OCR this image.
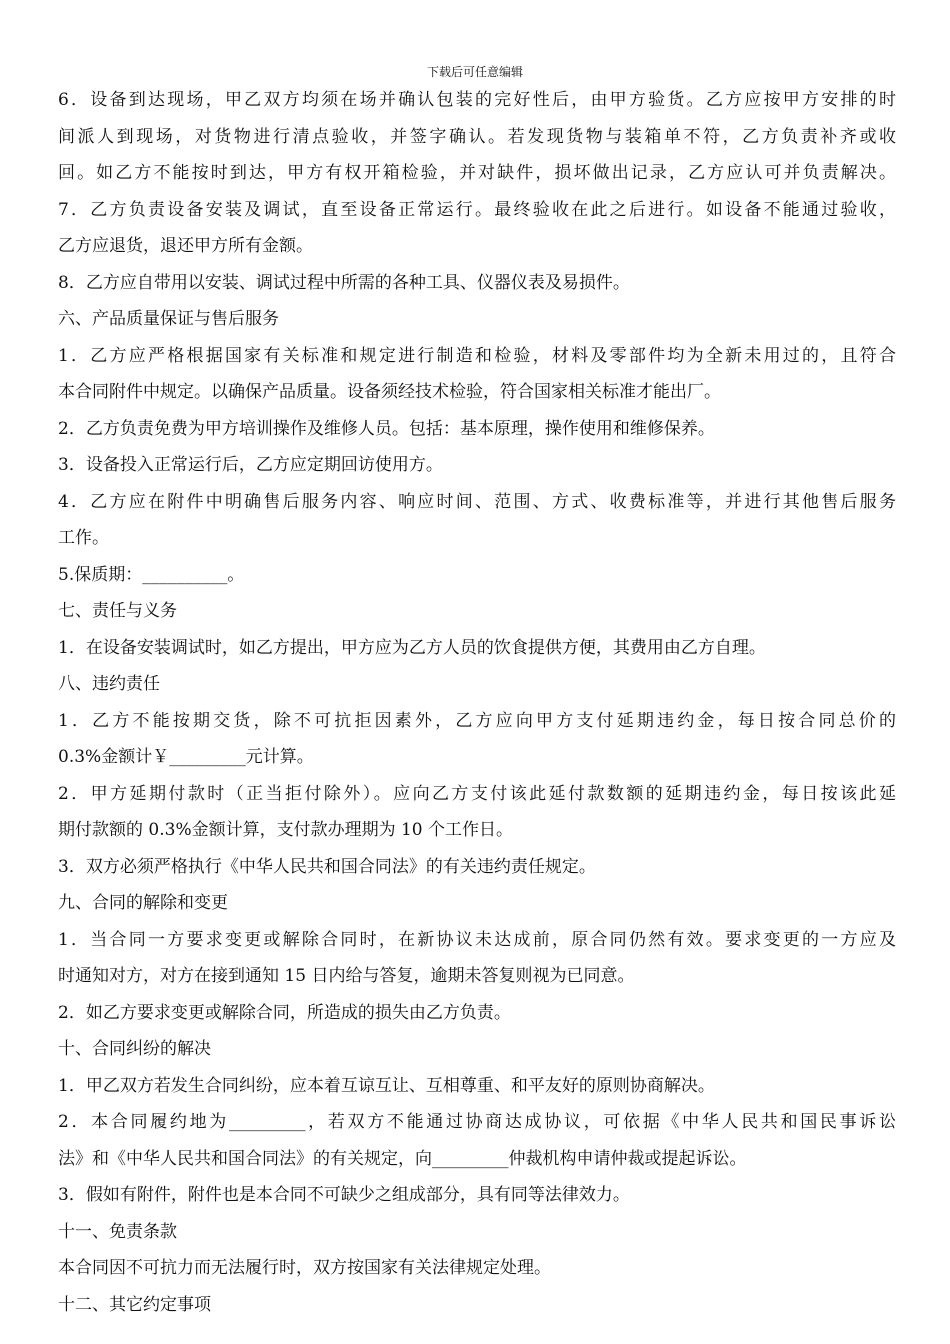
下载后可任意编辑
6．设备到达现场，甲乙双方均须在场并确认包装的完好性后，由甲方验货。乙方应按甲方安排的时
间派人到现场，对货物进行清点验收，并签字确认。若发现货物与装箱单不符，乙方负责补齐或收
回。如乙方不能按时到达，甲方有权开箱检验，并对缺件，损坏做出记录，乙方应认可并负责解决。
7．乙方负责设备安装及调试，直至设备正常运行。最终验收在此之后进行。如设备不能通过验收，
乙方应退货，退还甲方所有金额。
8．乙方应自带用以安装、调试过程中所需的各种工具、仪器仪表及易损件。
六、产品质量保证与售后服务
1．乙方应严格根据国家有关标准和规定进行制造和检验，材料及零部件均为全新未用过的，且符合
本合同附件中规定。以确保产品质量。设备须经技术检验，符合国家相关标准才能出厂。
2．乙方负责免费为甲方培训操作及维修人员。包括：基本原理，操作使用和维修保养。
3．设备投入正常运行后，乙方应定期回访使用方。
4．乙方应在附件中明确售后服务内容、响应时间、范围、方式、收费标准等，并进行其他售后服务
工作。
5.保质期：__________。
七、责任与义务
1．在设备安装调试时，如乙方提出，甲方应为乙方人员的饮食提供方便，其费用由乙方自理。
八、违约责任
1．乙方不能按期交货，除不可抗拒因素外，乙方应向甲方支付延期违约金，每日按合同总价的
0.3%金额计￥_________元计算。
2．甲方延期付款时（正当拒付除外）。应向乙方支付该此延付款数额的延期违约金，每日按该此延
期付款额的 0.3%金额计算，支付款办理期为 10 个工作日。
3．双方必须严格执行《中华人民共和国合同法》的有关违约责任规定。
九、合同的解除和变更
1．当合同一方要求变更或解除合同时，在新协议未达成前，原合同仍然有效。要求变更的一方应及
时通知对方，对方在接到通知 15 日内给与答复，逾期未答复则视为已同意。
2．如乙方要求变更或解除合同，所造成的损失由乙方负责。
十、合同纠纷的解决
1．甲乙双方若发生合同纠纷，应本着互谅互让、互相尊重、和平友好的原则协商解决。
2．本合同履约地为_________，若双方不能通过协商达成协议，可依据《中华人民共和国民事诉讼
法》和《中华人民共和国合同法》的有关规定，向_________仲裁机构申请仲裁或提起诉讼。
3．假如有附件，附件也是本合同不可缺少之组成部分，具有同等法律效力。
十一、免责条款
本合同因不可抗力而无法履行时，双方按国家有关法律规定处理。
十二、其它约定事项
